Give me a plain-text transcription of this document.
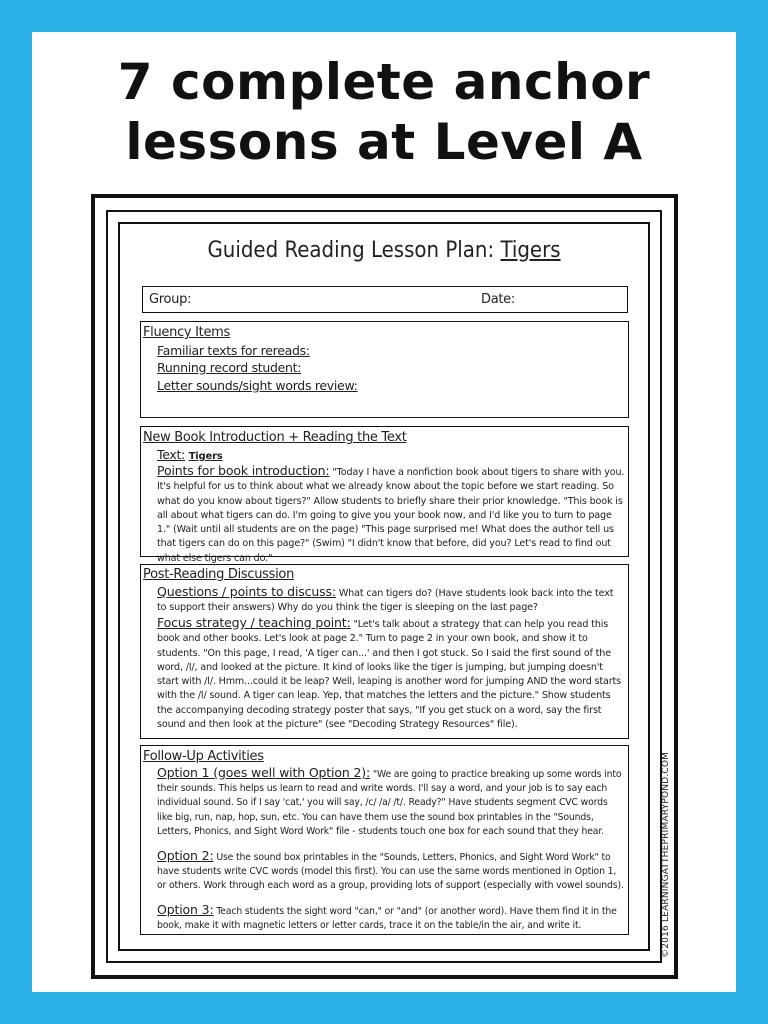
7 complete anchor
lessons at Level A
Guided Reading Lesson Plan: Tigers
Group:	Date:
Fluency Items
Familiar texts for rereads:
Running record student:
Letter sounds/sight words review:
New Book Introduction + Reading the Text
Text: Tigers
Points for book introduction: "Today I have a nonfiction book about tigers to share with you. It's helpful for us to think about what we already know about the topic before we start reading. So what do you know about tigers?" Allow students to briefly share their prior knowledge. "This book is all about what tigers can do. I'm going to give you your book now, and I'd like you to turn to page 1." (Wait until all students are on the page) "This page surprised me! What does the author tell us that tigers can do on this page?" (Swim) "I didn't know that before, did you? Let's read to find out what else tigers can do."
Post-Reading Discussion
Questions / points to discuss: What can tigers do? (Have students look back into the text to support their answers) Why do you think the tiger is sleeping on the last page?
Focus strategy / teaching point: "Let's talk about a strategy that can help you read this book and other books. Let's look at page 2." Turn to page 2 in your own book, and show it to students. "On this page, I read, 'A tiger can...' and then I got stuck. So I said the first sound of the word, /l/, and looked at the picture. It kind of looks like the tiger is jumping, but jumping doesn't start with /l/. Hmm...could it be leap? Well, leaping is another word for jumping AND the word starts with the /l/ sound. A tiger can leap. Yep, that matches the letters and the picture." Show students the accompanying decoding strategy poster that says, "If you get stuck on a word, say the first sound and then look at the picture" (see "Decoding Strategy Resources" file).
Follow-Up Activities
Option 1 (goes well with Option 2): "We are going to practice breaking up some words into their sounds. This helps us learn to read and write words. I'll say a word, and your job is to say each individual sound. So if I say 'cat,' you will say, /c/ /a/ /t/. Ready?" Have students segment CVC words like big, run, nap, hop, sun, etc. You can have them use the sound box printables in the "Sounds, Letters, Phonics, and Sight Word Work" file - students touch one box for each sound that they hear.
Option 2: Use the sound box printables in the "Sounds, Letters, Phonics, and Sight Word Work" to have students write CVC words (model this first). You can use the same words mentioned in Option 1, or others. Work through each word as a group, providing lots of support (especially with vowel sounds).
Option 3: Teach students the sight word "can," or "and" (or another word). Have them find it in the book, make it with magnetic letters or letter cards, trace it on the table/in the air, and write it.
